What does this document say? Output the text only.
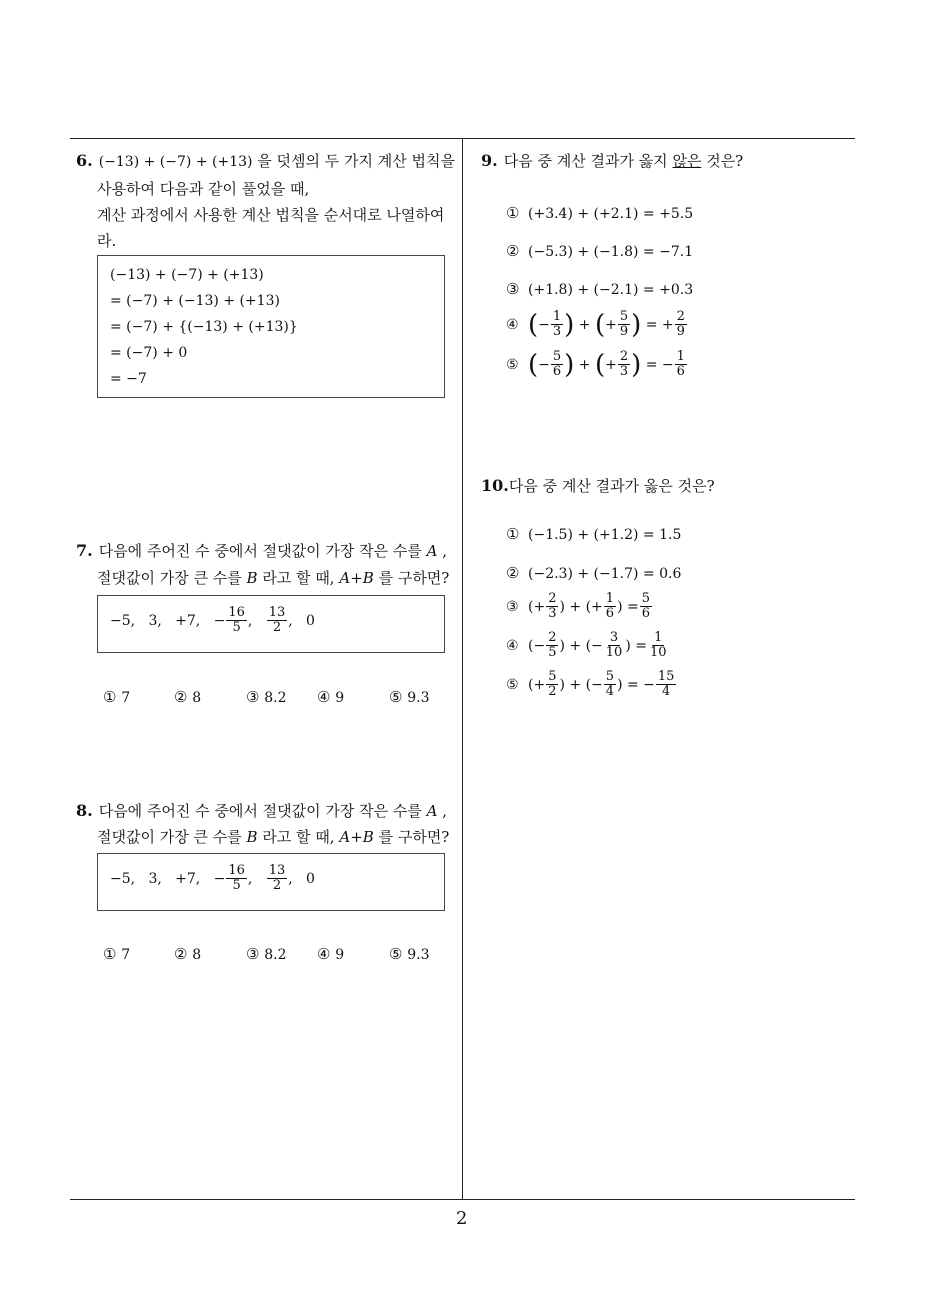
2
6. (−13) + (−7) + (+13) 을 덧셈의 두 가지 계산 법칙을
사용하여 다음과 같이 풀었을 때,
계산 과정에서 사용한 계산 법칙을 순서대로 나열하여
라.
(−13) + (−7) + (+13)
= (−7) + (−13) + (+13)
= (−7) + {(−13) + (+13)}
= (−7) + 0
= −7
7. 다음에 주어진 수 중에서 절댓값이 가장 작은 수를 A ,
절댓값이 가장 큰 수를 B 라고 할 때, A+B 를 구하면?
−5,   3,   +7,   − $\frac{16}{5}$ , $\frac{13}{2}$ ,   0
① 7	② 8	③ 8.2 ④ 9	⑤ 9.3
8. 다음에 주어진 수 중에서 절댓값이 가장 작은 수를 A ,
절댓값이 가장 큰 수를 B 라고 할 때, A+B 를 구하면?
−5,   3,   +7,   − $\frac{16}{5}$ , $\frac{13}{2}$ ,   0
① 7	② 8	③ 8.2 ④ 9	⑤ 9.3
9. 다음 중 계산 결과가 옳지 않은 것은?
① (+3.4) + (+2.1) = +5.5
② (−5.3) + (−1.8) = −7.1
③ (+1.8) + (−2.1) = +0.3
④ (− $\frac{1}{3}$ ) + (+ $\frac{5}{9}$ ) = + $\frac{2}{9}$
⑤ (− $\frac{5}{6}$ ) + (+ $\frac{2}{3}$ ) = − $\frac{1}{6}$
10.다음 중 계산 결과가 옳은 것은?
① (−1.5) + (+1.2) = 1.5
② (−2.3) + (−1.7) = 0.6
③ (+ $\frac{2}{3}$ ) + (+ $\frac{1}{6}$ ) = $\frac{5}{6}$
④ (− $\frac{2}{5}$ ) + (− $\frac{3}{10}$ ) = $\frac{1}{10}$
⑤ (+ $\frac{5}{2}$ ) + (− $\frac{5}{4}$ ) = − $\frac{15}{4}$
